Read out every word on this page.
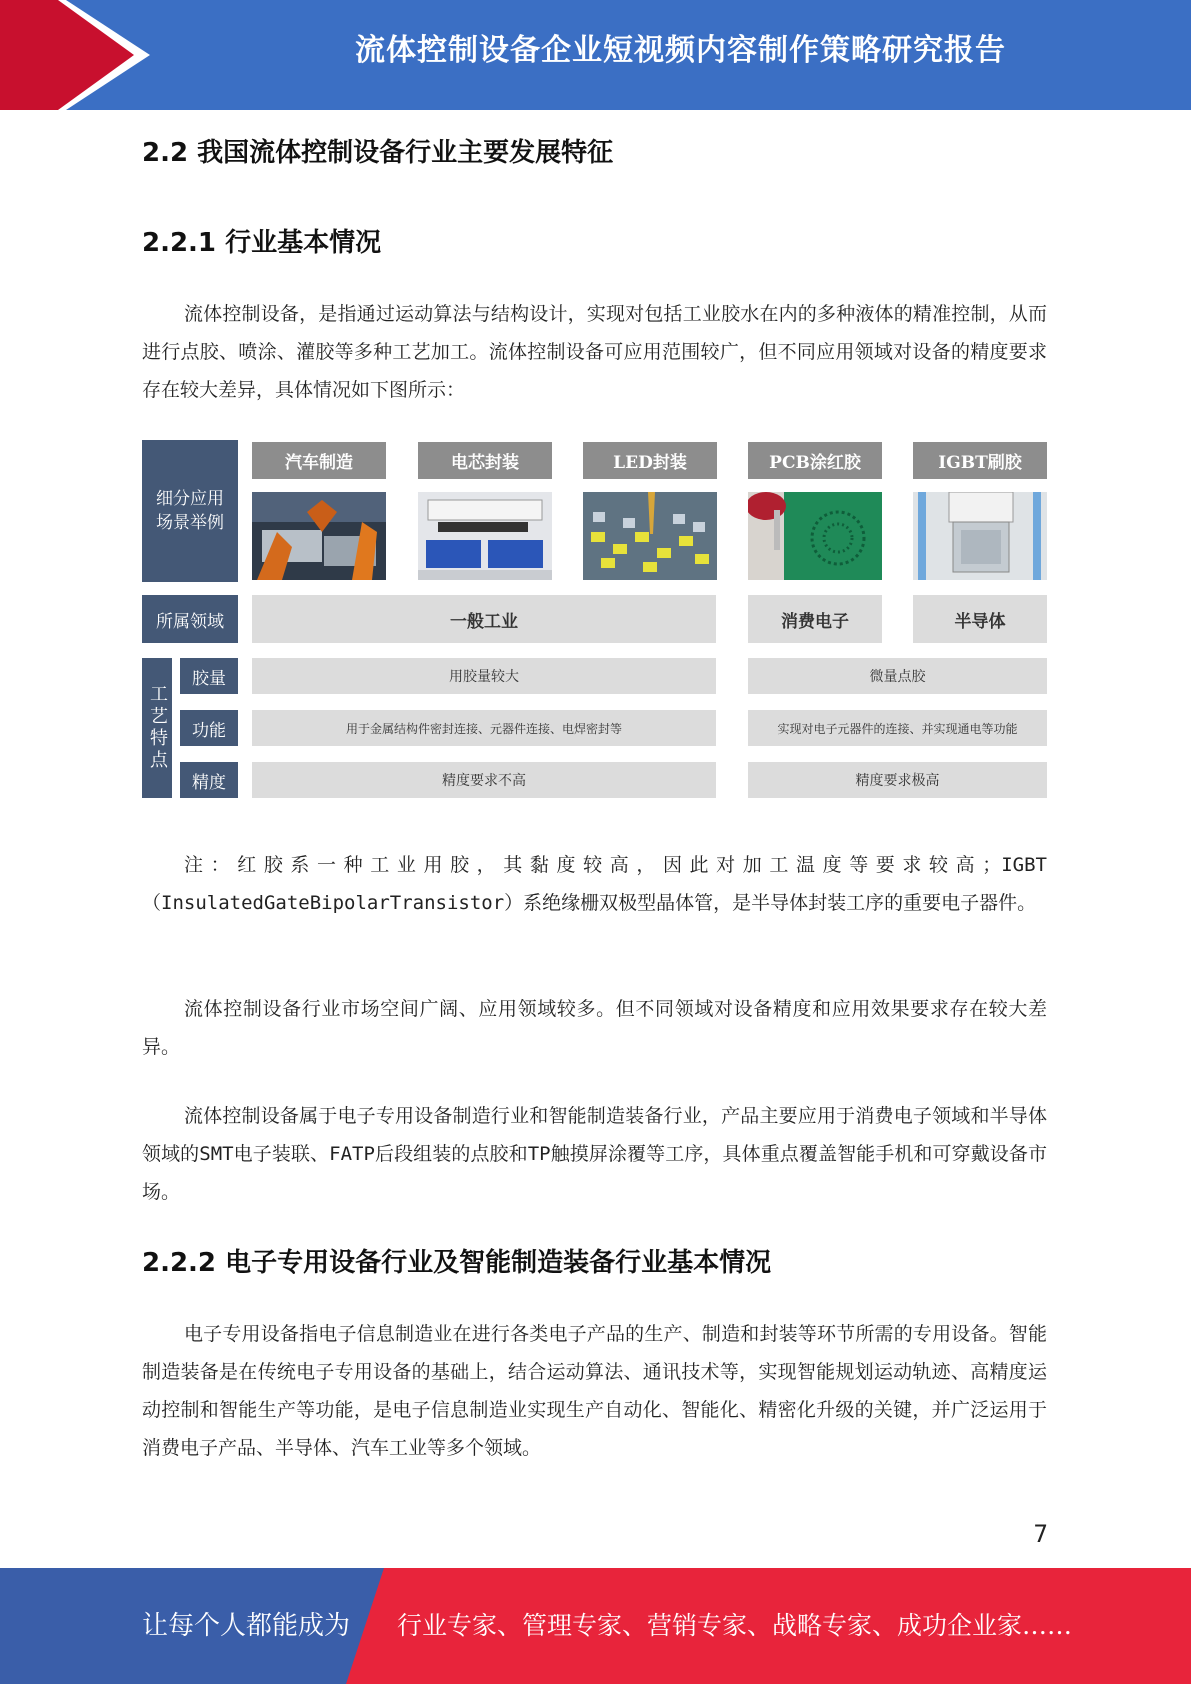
流体控制设备企业短视频内容制作策略研究报告
2.2 我国流体控制设备行业主要发展特征
2.2.1 行业基本情况
流体控制设备，是指通过运动算法与结构设计，实现对包括工业胶水在内的多种液体的精准控制，从而进行点胶、喷涂、灌胶等多种工艺加工。流体控制设备可应用范围较广，但不同应用领域对设备的精度要求存在较大差异，具体情况如下图所示：
细分应用场景举例
汽车制造	电芯封装	LED封装	PCB涂红胶	IGBT刷胶
所属领域	一般工业	消费电子	半导体
工艺特点
胶量	用胶量较大	微量点胶
功能	用于金属结构件密封连接、元器件连接、电焊密封等	实现对电子元器件的连接、并实现通电等功能
精度	精度要求不高	精度要求极高
注：红胶系一种工业用胶，其黏度较高，因此对加工温度等要求较高；IGBT（InsulatedGateBipolarTransistor）系绝缘栅双极型晶体管，是半导体封装工序的重要电子器件。
流体控制设备行业市场空间广阔、应用领域较多。但不同领域对设备精度和应用效果要求存在较大差异。
流体控制设备属于电子专用设备制造行业和智能制造装备行业，产品主要应用于消费电子领域和半导体领域的SMT电子装联、FATP后段组装的点胶和TP触摸屏涂覆等工序，具体重点覆盖智能手机和可穿戴设备市场。
2.2.2 电子专用设备行业及智能制造装备行业基本情况
电子专用设备指电子信息制造业在进行各类电子产品的生产、制造和封装等环节所需的专用设备。智能制造装备是在传统电子专用设备的基础上，结合运动算法、通讯技术等，实现智能规划运动轨迹、高精度运动控制和智能生产等功能，是电子信息制造业实现生产自动化、智能化、精密化升级的关键，并广泛运用于消费电子产品、半导体、汽车工业等多个领域。
7
让每个人都能成为 行业专家、管理专家、营销专家、战略专家、成功企业家……
